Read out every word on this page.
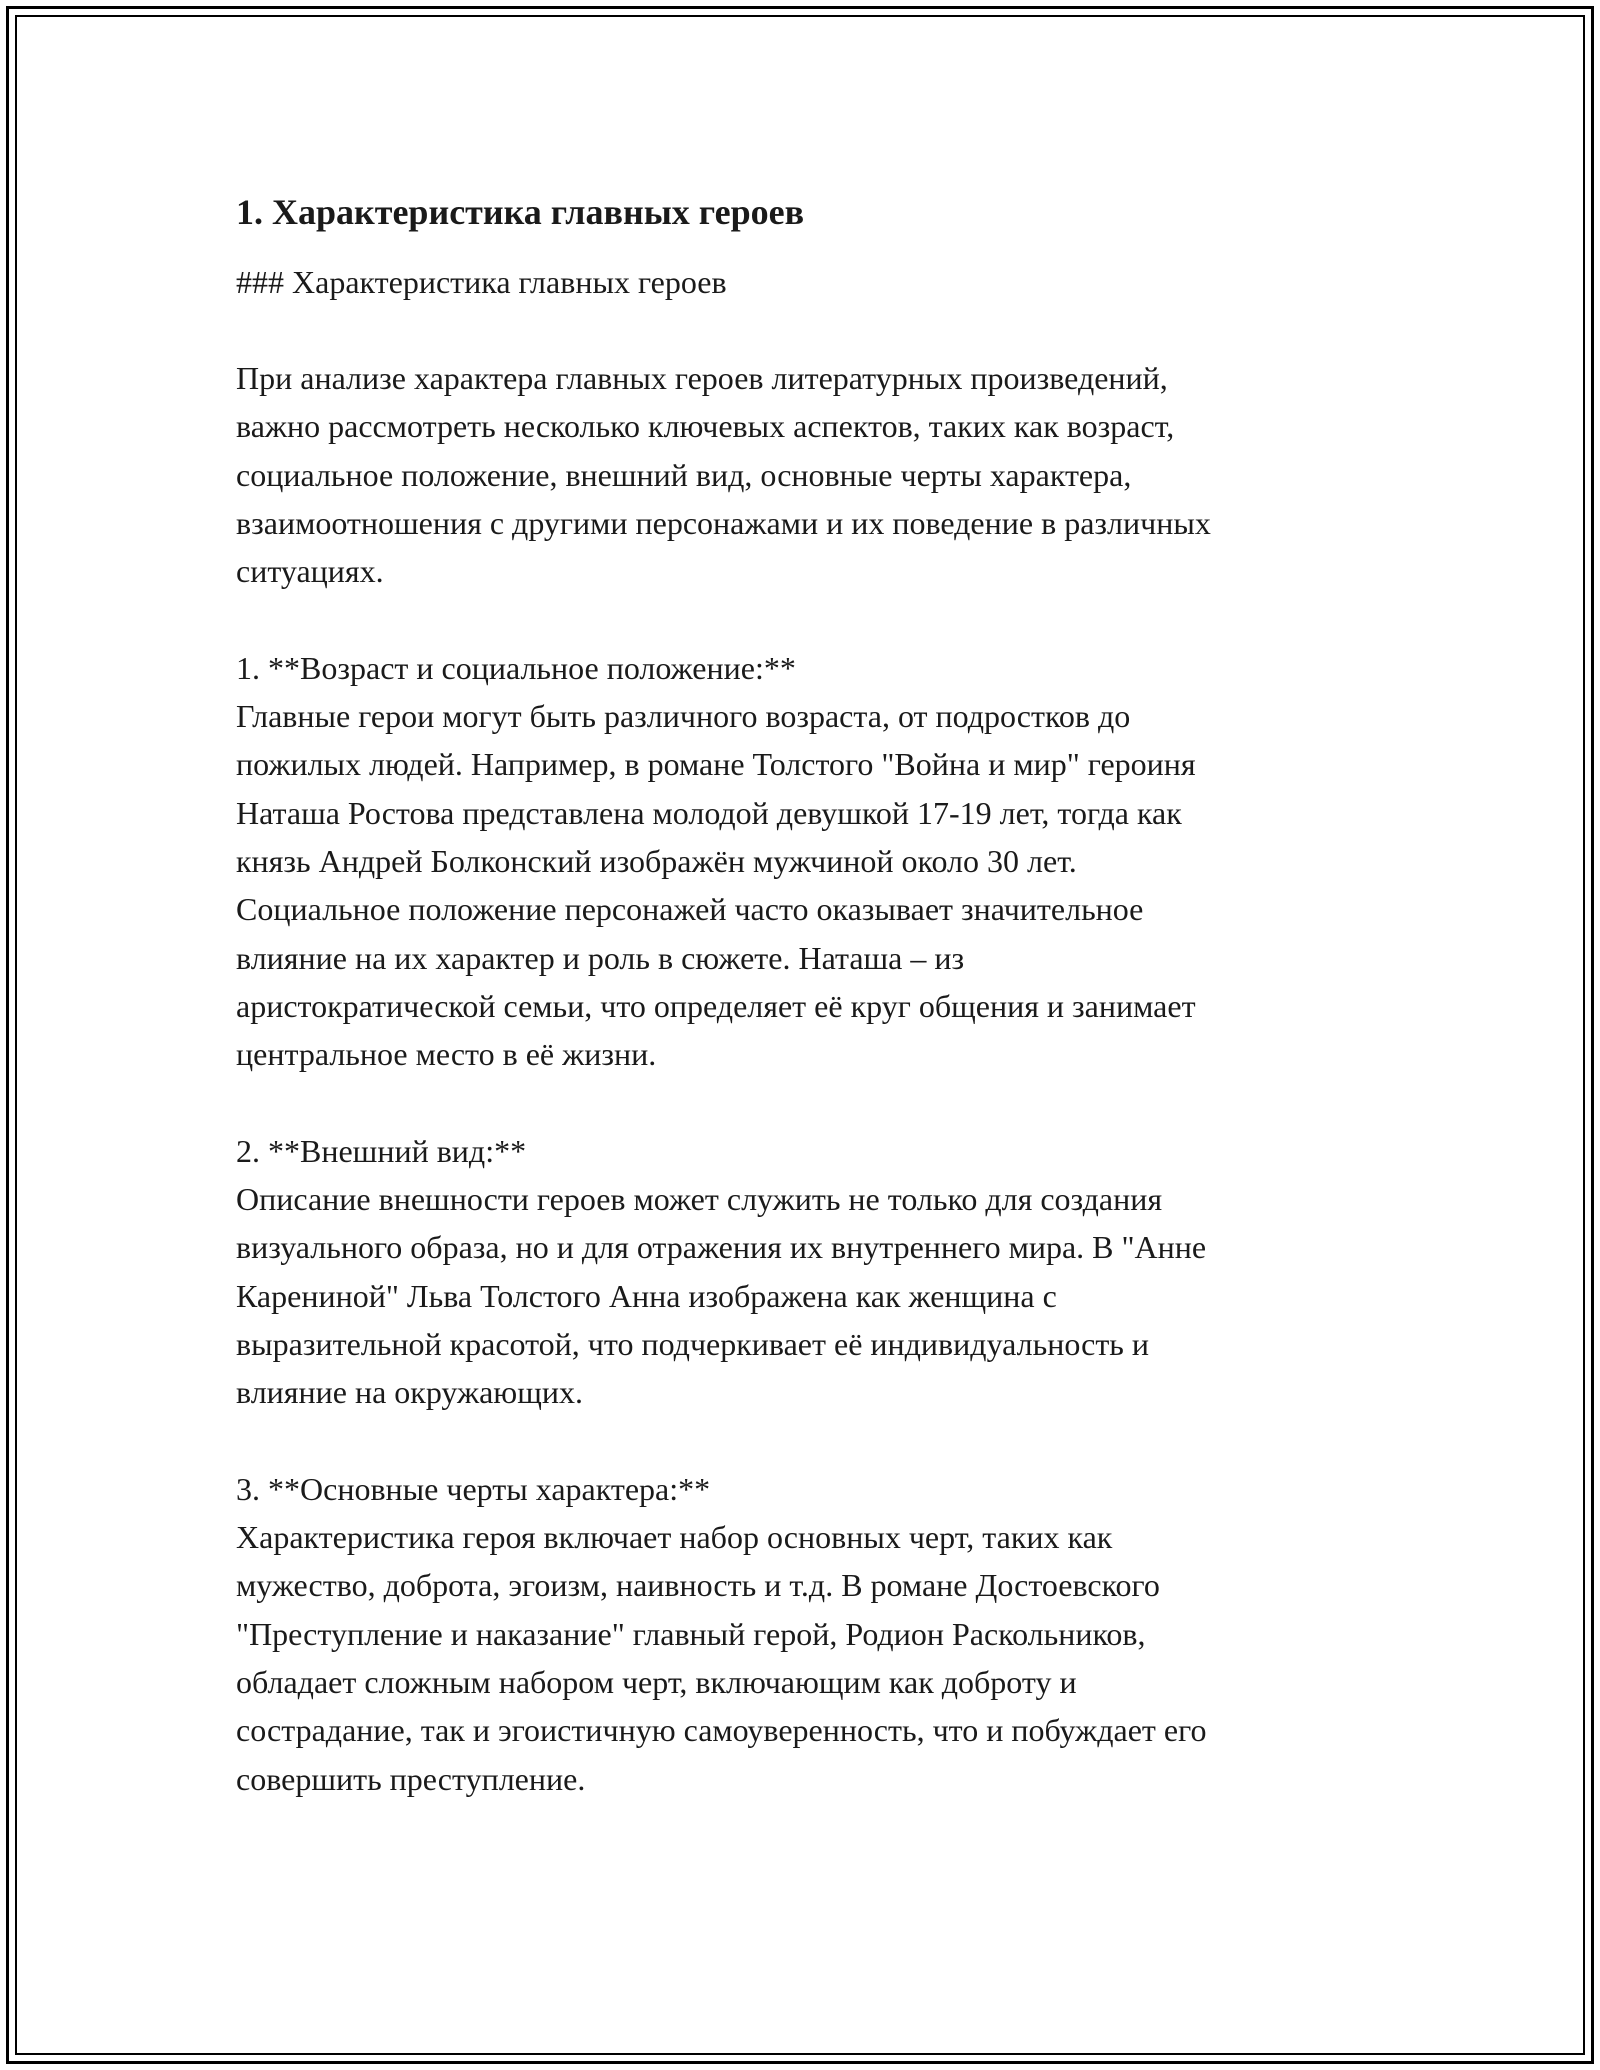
1. Характеристика главных героев
### Характеристика главных героев

При анализе характера главных героев литературных произведений,
важно рассмотреть несколько ключевых аспектов, таких как возраст,
социальное положение, внешний вид, основные черты характера,
взаимоотношения с другими персонажами и их поведение в различных
ситуациях.

1. **Возраст и социальное положение:**
Главные герои могут быть различного возраста, от подростков до
пожилых людей. Например, в романе Толстого "Война и мир" героиня
Наташа Ростова представлена молодой девушкой 17-19 лет, тогда как
князь Андрей Болконский изображён мужчиной около 30 лет.
Социальное положение персонажей часто оказывает значительное
влияние на их характер и роль в сюжете. Наташа – из
аристократической семьи, что определяет её круг общения и занимает
центральное место в её жизни.

2. **Внешний вид:**
Описание внешности героев может служить не только для создания
визуального образа, но и для отражения их внутреннего мира. В "Анне
Карениной" Льва Толстого Анна изображена как женщина с
выразительной красотой, что подчеркивает её индивидуальность и
влияние на окружающих.

3. **Основные черты характера:**
Характеристика героя включает набор основных черт, таких как
мужество, доброта, эгоизм, наивность и т.д. В романе Достоевского
"Преступление и наказание" главный герой, Родион Раскольников,
обладает сложным набором черт, включающим как доброту и
сострадание, так и эгоистичную самоуверенность, что и побуждает его
совершить преступление.
